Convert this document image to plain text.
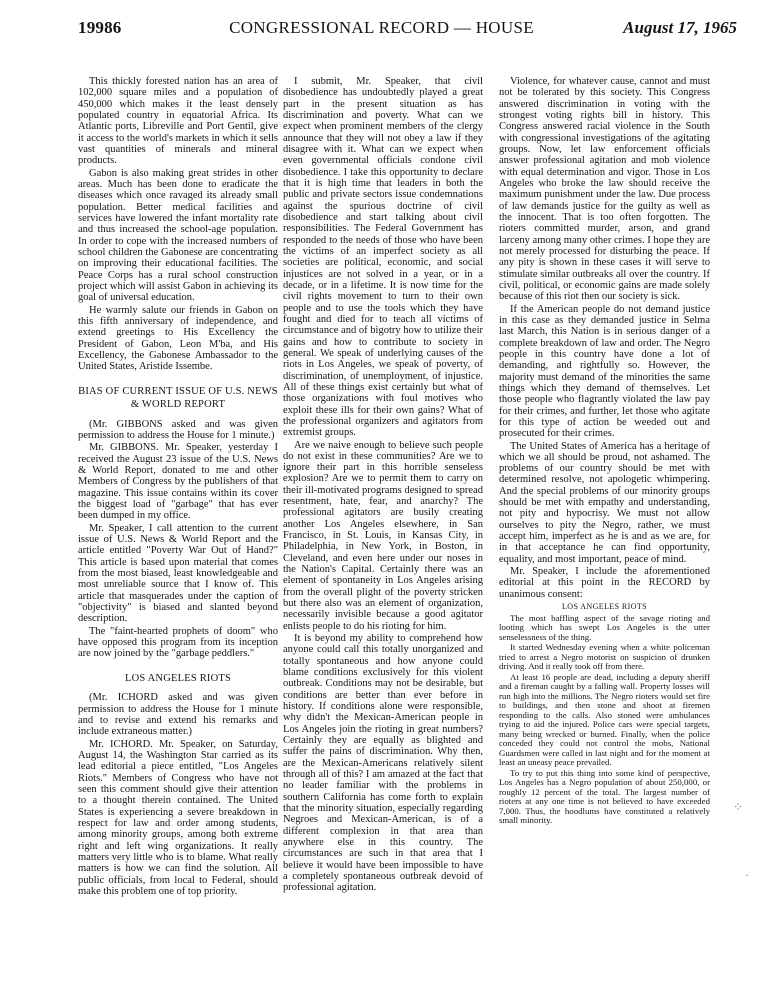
19986	CONGRESSIONAL RECORD — HOUSE	August 17, 1965

This thickly forested nation has an area of 102,000 square miles and a population of 450,000 which makes it the least densely populated country in equatorial Africa. Its Atlantic ports, Libreville and Port Gentil, give it access to the world's markets in which it sells vast quantities of minerals and mineral products.

Gabon is also making great strides in other areas. Much has been done to eradicate the diseases which once ravaged its already small population. Better medical facilities and services have lowered the infant mortality rate and thus increased the school-age population. In order to cope with the increased numbers of school children the Gabonese are concentrating on improving their educational facilities. The Peace Corps has a rural school construction project which will assist Gabon in achieving its goal of universal education.

He warmly salute our friends in Gabon on this fifth anniversary of independence, and extend greetings to His Excellency the President of Gabon, Leon M'ba, and His Excellency, the Gabonese Ambassador to the United States, Aristide Issembe.

BIAS OF CURRENT ISSUE OF U.S. NEWS & WORLD REPORT

(Mr. GIBBONS asked and was given permission to address the House for 1 minute.)

Mr. GIBBONS. Mr. Speaker, yesterday I received the August 23 issue of the U.S. News & World Report, donated to me and other Members of Congress by the publishers of that magazine. This issue contains within its cover the biggest load of "garbage" that has ever been dumped in my office.

Mr. Speaker, I call attention to the current issue of U.S. News & World Report and the article entitled "Poverty War Out of Hand?" This article is based upon material that comes from the most biased, least knowledgeable and most unreliable source that I know of. This article that masquerades under the caption of "objectivity" is biased and slanted beyond description.

The "faint-hearted prophets of doom" who have opposed this program from its inception are now joined by the "garbage peddlers."

LOS ANGELES RIOTS

(Mr. ICHORD asked and was given permission to address the House for 1 minute and to revise and extend his remarks and include extraneous matter.)

Mr. ICHORD. Mr. Speaker, on Saturday, August 14, the Washington Star carried as its lead editorial a piece entitled, "Los Angeles Riots." Members of Congress who have not seen this comment should give their attention to a thought therein contained. The United States is experiencing a severe breakdown in respect for law and order among students, among minority groups, among both extreme right and left wing organizations. It really matters very little who is to blame. What really matters is how we can find the solution. All public officials, from local to Federal, should make this problem one of top priority.

I submit, Mr. Speaker, that civil disobedience has undoubtedly played a great part in the present situation as has discrimination and poverty. What can we expect when prominent members of the clergy announce that they will not obey a law if they disagree with it. What can we expect when even governmental officials condone civil disobedience. I take this opportunity to declare that it is high time that leaders in both the public and private sectors issue condemnations against the spurious doctrine of civil disobedience and start talking about civil responsibilities. The Federal Government has responded to the needs of those who have been the victims of an imperfect society as all societies are political, economic, and social injustices are not solved in a year, or in a decade, or in a lifetime. It is now time for the civil rights movement to turn to their own people and to use the tools which they have fought and died for to teach all victims of circumstance and of bigotry how to utilize their gains and how to contribute to society in general. We speak of underlying causes of the riots in Los Angeles, we speak of poverty, of discrimination, of unemployment, of injustice. All of these things exist certainly but what of those organizations with foul motives who exploit these ills for their own gains? What of the professional organizers and agitators from extremist groups.

Are we naive enough to believe such people do not exist in these communities? Are we to ignore their part in this horrible senseless explosion? Are we to permit them to carry on their ill-motivated programs designed to spread resentment, hate, fear, and anarchy? The professional agitators are busily creating another Los Angeles elsewhere, in San Francisco, in St. Louis, in Kansas City, in Philadelphia, in New York, in Boston, in Cleveland, and even here under our noses in the Nation's Capital. Certainly there was an element of spontaneity in Los Angeles arising from the overall plight of the poverty stricken but there also was an element of organization, necessarily invisible because a good agitator enlists people to do his rioting for him.

It is beyond my ability to comprehend how anyone could call this totally unorganized and totally spontaneous and how anyone could blame conditions exclusively for this violent outbreak. Conditions may not be desirable, but conditions are better than ever before in history. If conditions alone were responsible, why didn't the Mexican-American people in Los Angeles join the rioting in great numbers? Certainly they are equally as blighted and suffer the pains of discrimination. Why then, are the Mexican-Americans relatively silent through all of this? I am amazed at the fact that no leader familiar with the problems in southern California has come forth to explain that the minority situation, especially regarding Negroes and Mexican-American, is of a different complexion in that area than anywhere else in this country. The circumstances are such in that area that I believe it would have been impossible to have a completely spontaneous outbreak devoid of professional agitation.

Violence, for whatever cause, cannot and must not be tolerated by this society. This Congress answered discrimination in voting with the strongest voting rights bill in history. This Congress answered racial violence in the South with congressional investigations of the agitating groups. Now, let law enforcement officials answer professional agitation and mob violence with equal determination and vigor. Those in Los Angeles who broke the law should receive the maximum punishment under the law. Due process of law demands justice for the guilty as well as the innocent. That is too often forgotten. The rioters committed murder, arson, and grand larceny among many other crimes. I hope they are not merely processed for disturbing the peace. If any pity is shown in these cases it will serve to stimulate similar outbreaks all over the country. If civil, political, or economic gains are made solely because of this riot then our society is sick.

If the American people do not demand justice in this case as they demanded justice in Selma last March, this Nation is in serious danger of a complete breakdown of law and order. The Negro people in this country have done a lot of demanding, and rightfully so. However, the majority must demand of the minorities the same things which they demand of themselves. Let those people who flagrantly violated the law pay for their crimes, and further, let those who agitate for this type of action be weeded out and prosecuted for their crimes.

The United States of America has a heritage of which we all should be proud, not ashamed. The problems of our country should be met with determined resolve, not apologetic whimpering. And the special problems of our minority groups should be met with empathy and understanding, not pity and hypocrisy. We must not allow ourselves to pity the Negro, rather, we must accept him, imperfect as he is and as we are, for in that acceptance he can find opportunity, equality, and most important, peace of mind.

Mr. Speaker, I include the aforementioned editorial at this point in the RECORD by unanimous consent:

LOS ANGELES RIOTS

The most baffling aspect of the savage rioting and looting which has swept Los Angeles is the utter senselessness of the thing.

It started Wednesday evening when a white policeman tried to arrest a Negro motorist on suspicion of drunken driving. And it really took off from there.

At least 16 people are dead, including a deputy sheriff and a fireman caught by a falling wall. Property losses will run high into the millions. The Negro rioters would set fire to buildings, and then stone and shoot at firemen responding to the calls. Also stoned were ambulances trying to aid the injured. Police cars were special targets, many being wrecked or burned. Finally, when the police conceded they could not control the mobs, National Guardsmen were called in last night and for the moment at least an uneasy peace prevailed.

To try to put this thing into some kind of perspective, Los Angeles has a Negro population of about 250,000, or roughly 12 percent of the total. The largest number of rioters at any one time is not believed to have exceeded 7,000. Thus, the hoodlums have constituted a relatively small minority.

⁘
·
